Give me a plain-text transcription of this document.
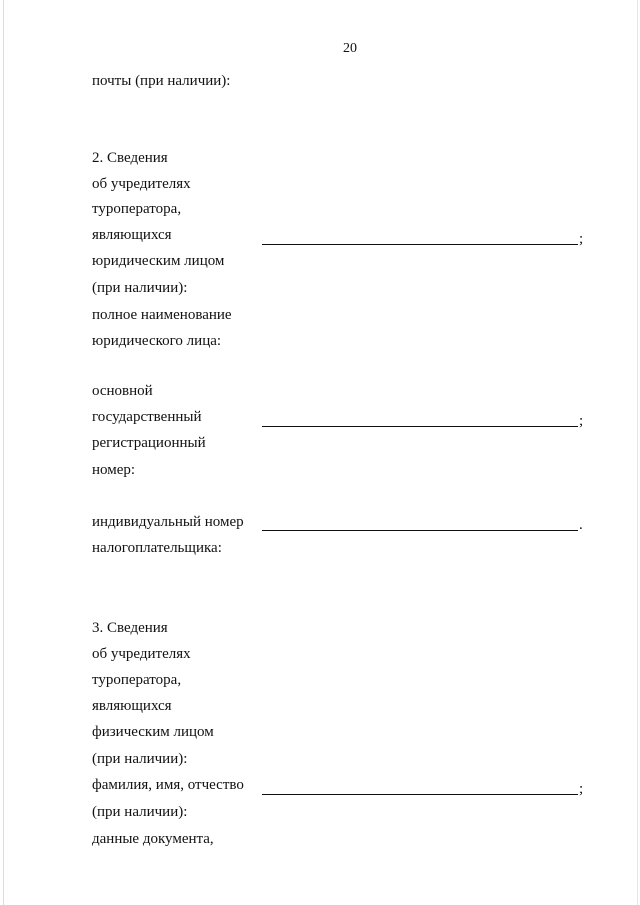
20
почты (при наличии):
2. Сведения
об учредителях
туроператора,
являющихся
юридическим лицом
(при наличии):
полное наименование
юридического лица:
;
основной
государственный
регистрационный
номер:
;
индивидуальный номер
налогоплательщика:
.
3. Сведения
об учредителях
туроператора,
являющихся
физическим лицом
(при наличии):
фамилия, имя, отчество
(при наличии):
данные документа,
;
